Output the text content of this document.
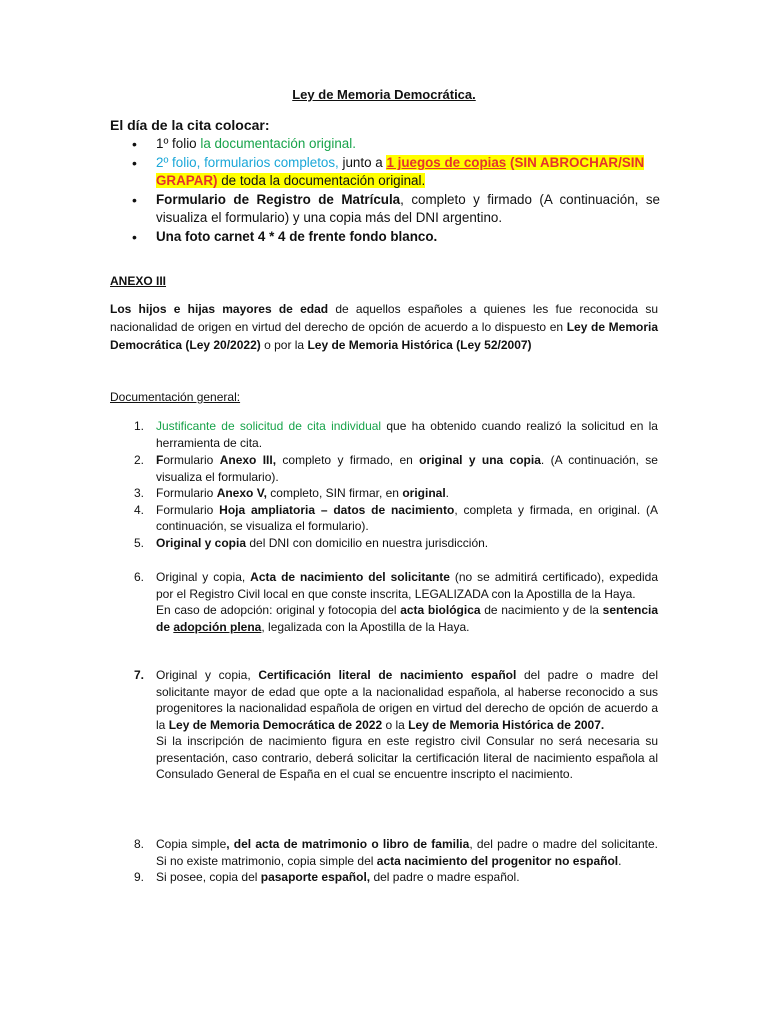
Ley de Memoria Democrática.
El día de la cita colocar:
• 1º folio la documentación original.
• 2º folio, formularios completos, junto a 1 juegos de copias (SIN ABROCHAR/SIN GRAPAR) de toda la documentación original.
• Formulario de Registro de Matrícula, completo y firmado (A continuación, se visualiza el formulario) y una copia más del DNI argentino.
• Una foto carnet 4 * 4 de frente fondo blanco.
ANEXO III
Los hijos e hijas mayores de edad de aquellos españoles a quienes les fue reconocida su nacionalidad de origen en virtud del derecho de opción de acuerdo a lo dispuesto en Ley de Memoria Democrática (Ley 20/2022) o por la Ley de Memoria Histórica (Ley 52/2007)
Documentación general:
1. Justificante de solicitud de cita individual que ha obtenido cuando realizó la solicitud en la herramienta de cita.
2. Formulario Anexo III, completo y firmado, en original y una copia. (A continuación, se visualiza el formulario).
3. Formulario Anexo V, completo, SIN firmar, en original.
4. Formulario Hoja ampliatoria – datos de nacimiento, completa y firmada, en original. (A continuación, se visualiza el formulario).
5. Original y copia del DNI con domicilio en nuestra jurisdicción.
6. Original y copia, Acta de nacimiento del solicitante (no se admitirá certificado), expedida por el Registro Civil local en que conste inscrita, LEGALIZADA con la Apostilla de la Haya.
En caso de adopción: original y fotocopia del acta biológica de nacimiento y de la sentencia de adopción plena, legalizada con la Apostilla de la Haya.
7. Original y copia, Certificación literal de nacimiento español del padre o madre del solicitante mayor de edad que opte a la nacionalidad española, al haberse reconocido a sus progenitores la nacionalidad española de origen en virtud del derecho de opción de acuerdo a la Ley de Memoria Democrática de 2022 o la Ley de Memoria Histórica de 2007.
Si la inscripción de nacimiento figura en este registro civil Consular no será necesaria su presentación, caso contrario, deberá solicitar la certificación literal de nacimiento española al Consulado General de España en el cual se encuentre inscripto el nacimiento.
8. Copia simple, del acta de matrimonio o libro de familia, del padre o madre del solicitante. Si no existe matrimonio, copia simple del acta nacimiento del progenitor no español.
9. Si posee, copia del pasaporte español, del padre o madre español.
